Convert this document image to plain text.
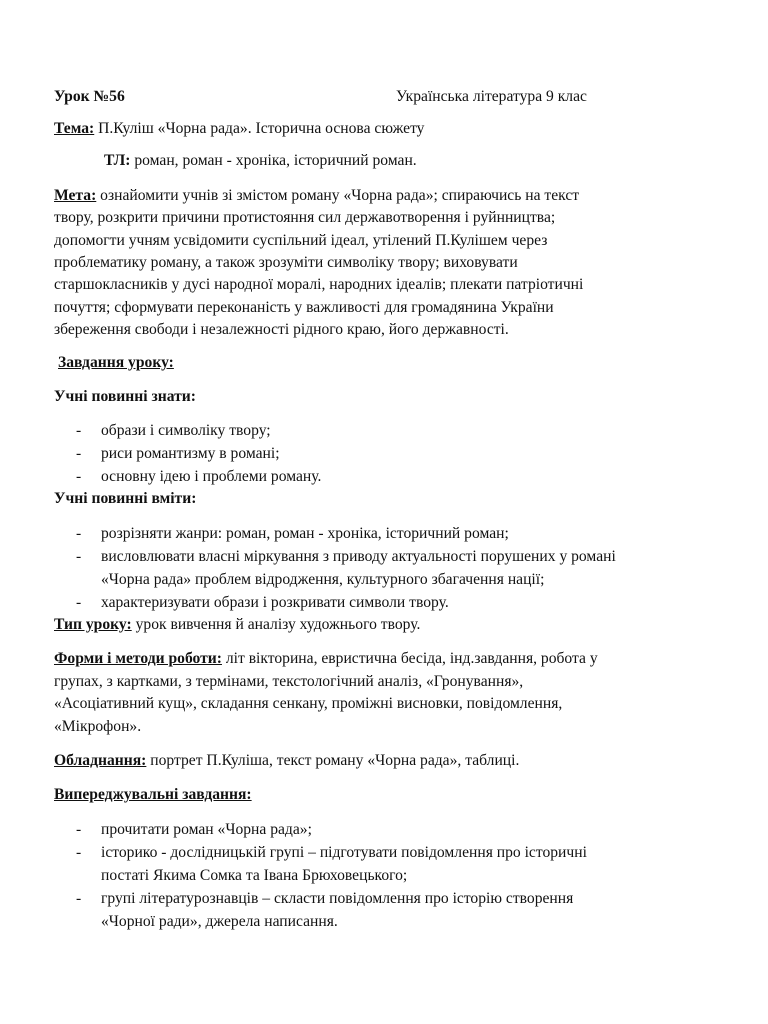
Урок №56	Українська література 9 клас

Тема: П.Куліш «Чорна рада». Історична основа сюжету

ТЛ: роман, роман - хроніка, історичний роман.

Мета: ознайомити учнів зі змістом роману «Чорна рада»; спираючись на текст
твору, розкрити причини протистояння сил державотворення і руйнництва;
допомогти учням усвідомити суспільний ідеал, утілений П.Кулішем через
проблематику роману, а також зрозуміти символіку твору; виховувати
старшокласників у дусі народної моралі, народних ідеалів; плекати патріотичні
почуття; сформувати переконаність у важливості для громадянина України
збереження свободи і незалежності рідного краю, його державності.

Завдання уроку:

Учні повинні знати:

- образи і символіку твору;
- риси романтизму в романі;
- основну ідею і проблеми роману.

Учні повинні вміти:

- розрізняти жанри: роман, роман - хроніка, історичний роман;
- висловлювати власні міркування з приводу актуальності порушених у романі
«Чорна рада» проблем відродження, культурного збагачення нації;
- характеризувати образи і розкривати символи твору.

Тип уроку: урок вивчення й аналізу художнього твору.

Форми і методи роботи: літ вікторина, евристична бесіда, інд.завдання, робота у
групах, з картками, з термінами, текстологічний аналіз, «Гронування»,
«Асоціативний кущ», складання сенкану, проміжні висновки, повідомлення,
«Мікрофон».

Обладнання: портрет П.Куліша, текст роману «Чорна рада», таблиці.

Випереджувальні завдання:

- прочитати роман «Чорна рада»;
- історико - дослідницькій групі – підготувати повідомлення про історичні
постаті Якима Сомка та Івана Брюховецького;
- групі літературознавців – скласти повідомлення про історію створення
«Чорної ради», джерела написання.
